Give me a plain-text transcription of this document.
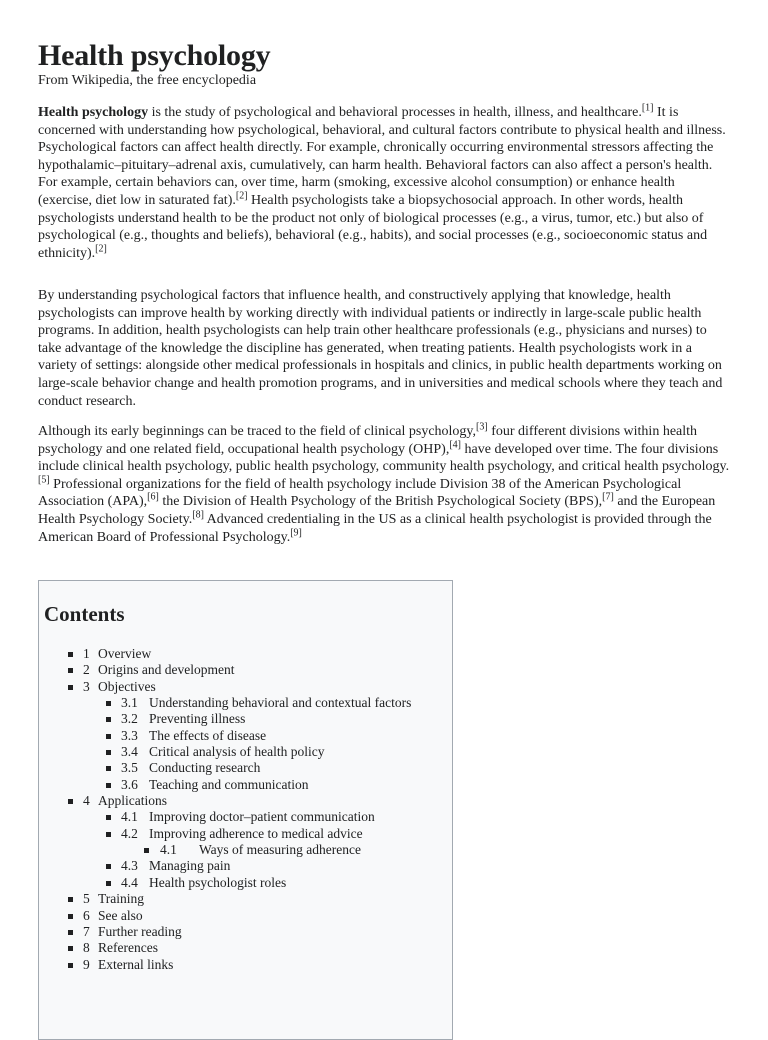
Health psychology
From Wikipedia, the free encyclopedia

Health psychology is the study of psychological and behavioral processes in health, illness, and healthcare.[1] It is concerned with understanding how psychological, behavioral, and cultural factors contribute to physical health and illness. Psychological factors can affect health directly. For example, chronically occurring environmental stressors affecting the hypothalamic–pituitary–adrenal axis, cumulatively, can harm health. Behavioral factors can also affect a person's health. For example, certain behaviors can, over time, harm (smoking, excessive alcohol consumption) or enhance health (exercise, diet low in saturated fat).[2] Health psychologists take a biopsychosocial approach. In other words, health psychologists understand health to be the product not only of biological processes (e.g., a virus, tumor, etc.) but also of psychological (e.g., thoughts and beliefs), behavioral (e.g., habits), and social processes (e.g., socioeconomic status and ethnicity).[2]

By understanding psychological factors that influence health, and constructively applying that knowledge, health psychologists can improve health by working directly with individual patients or indirectly in large-scale public health programs. In addition, health psychologists can help train other healthcare professionals (e.g., physicians and nurses) to take advantage of the knowledge the discipline has generated, when treating patients. Health psychologists work in a variety of settings: alongside other medical professionals in hospitals and clinics, in public health departments working on large-scale behavior change and health promotion programs, and in universities and medical schools where they teach and conduct research.

Although its early beginnings can be traced to the field of clinical psychology,[3] four different divisions within health psychology and one related field, occupational health psychology (OHP),[4] have developed over time. The four divisions include clinical health psychology, public health psychology, community health psychology, and critical health psychology.[5] Professional organizations for the field of health psychology include Division 38 of the American Psychological Association (APA),[6] the Division of Health Psychology of the British Psychological Society (BPS),[7] and the European Health Psychology Society.[8] Advanced credentialing in the US as a clinical health psychologist is provided through the American Board of Professional Psychology.[9]

Contents
1 Overview
2 Origins and development
3 Objectives
3.1 Understanding behavioral and contextual factors
3.2 Preventing illness
3.3 The effects of disease
3.4 Critical analysis of health policy
3.5 Conducting research
3.6 Teaching and communication
4 Applications
4.1 Improving doctor–patient communication
4.2 Improving adherence to medical advice
4.1 Ways of measuring adherence
4.3 Managing pain
4.4 Health psychologist roles
5 Training
6 See also
7 Further reading
8 References
9 External links
